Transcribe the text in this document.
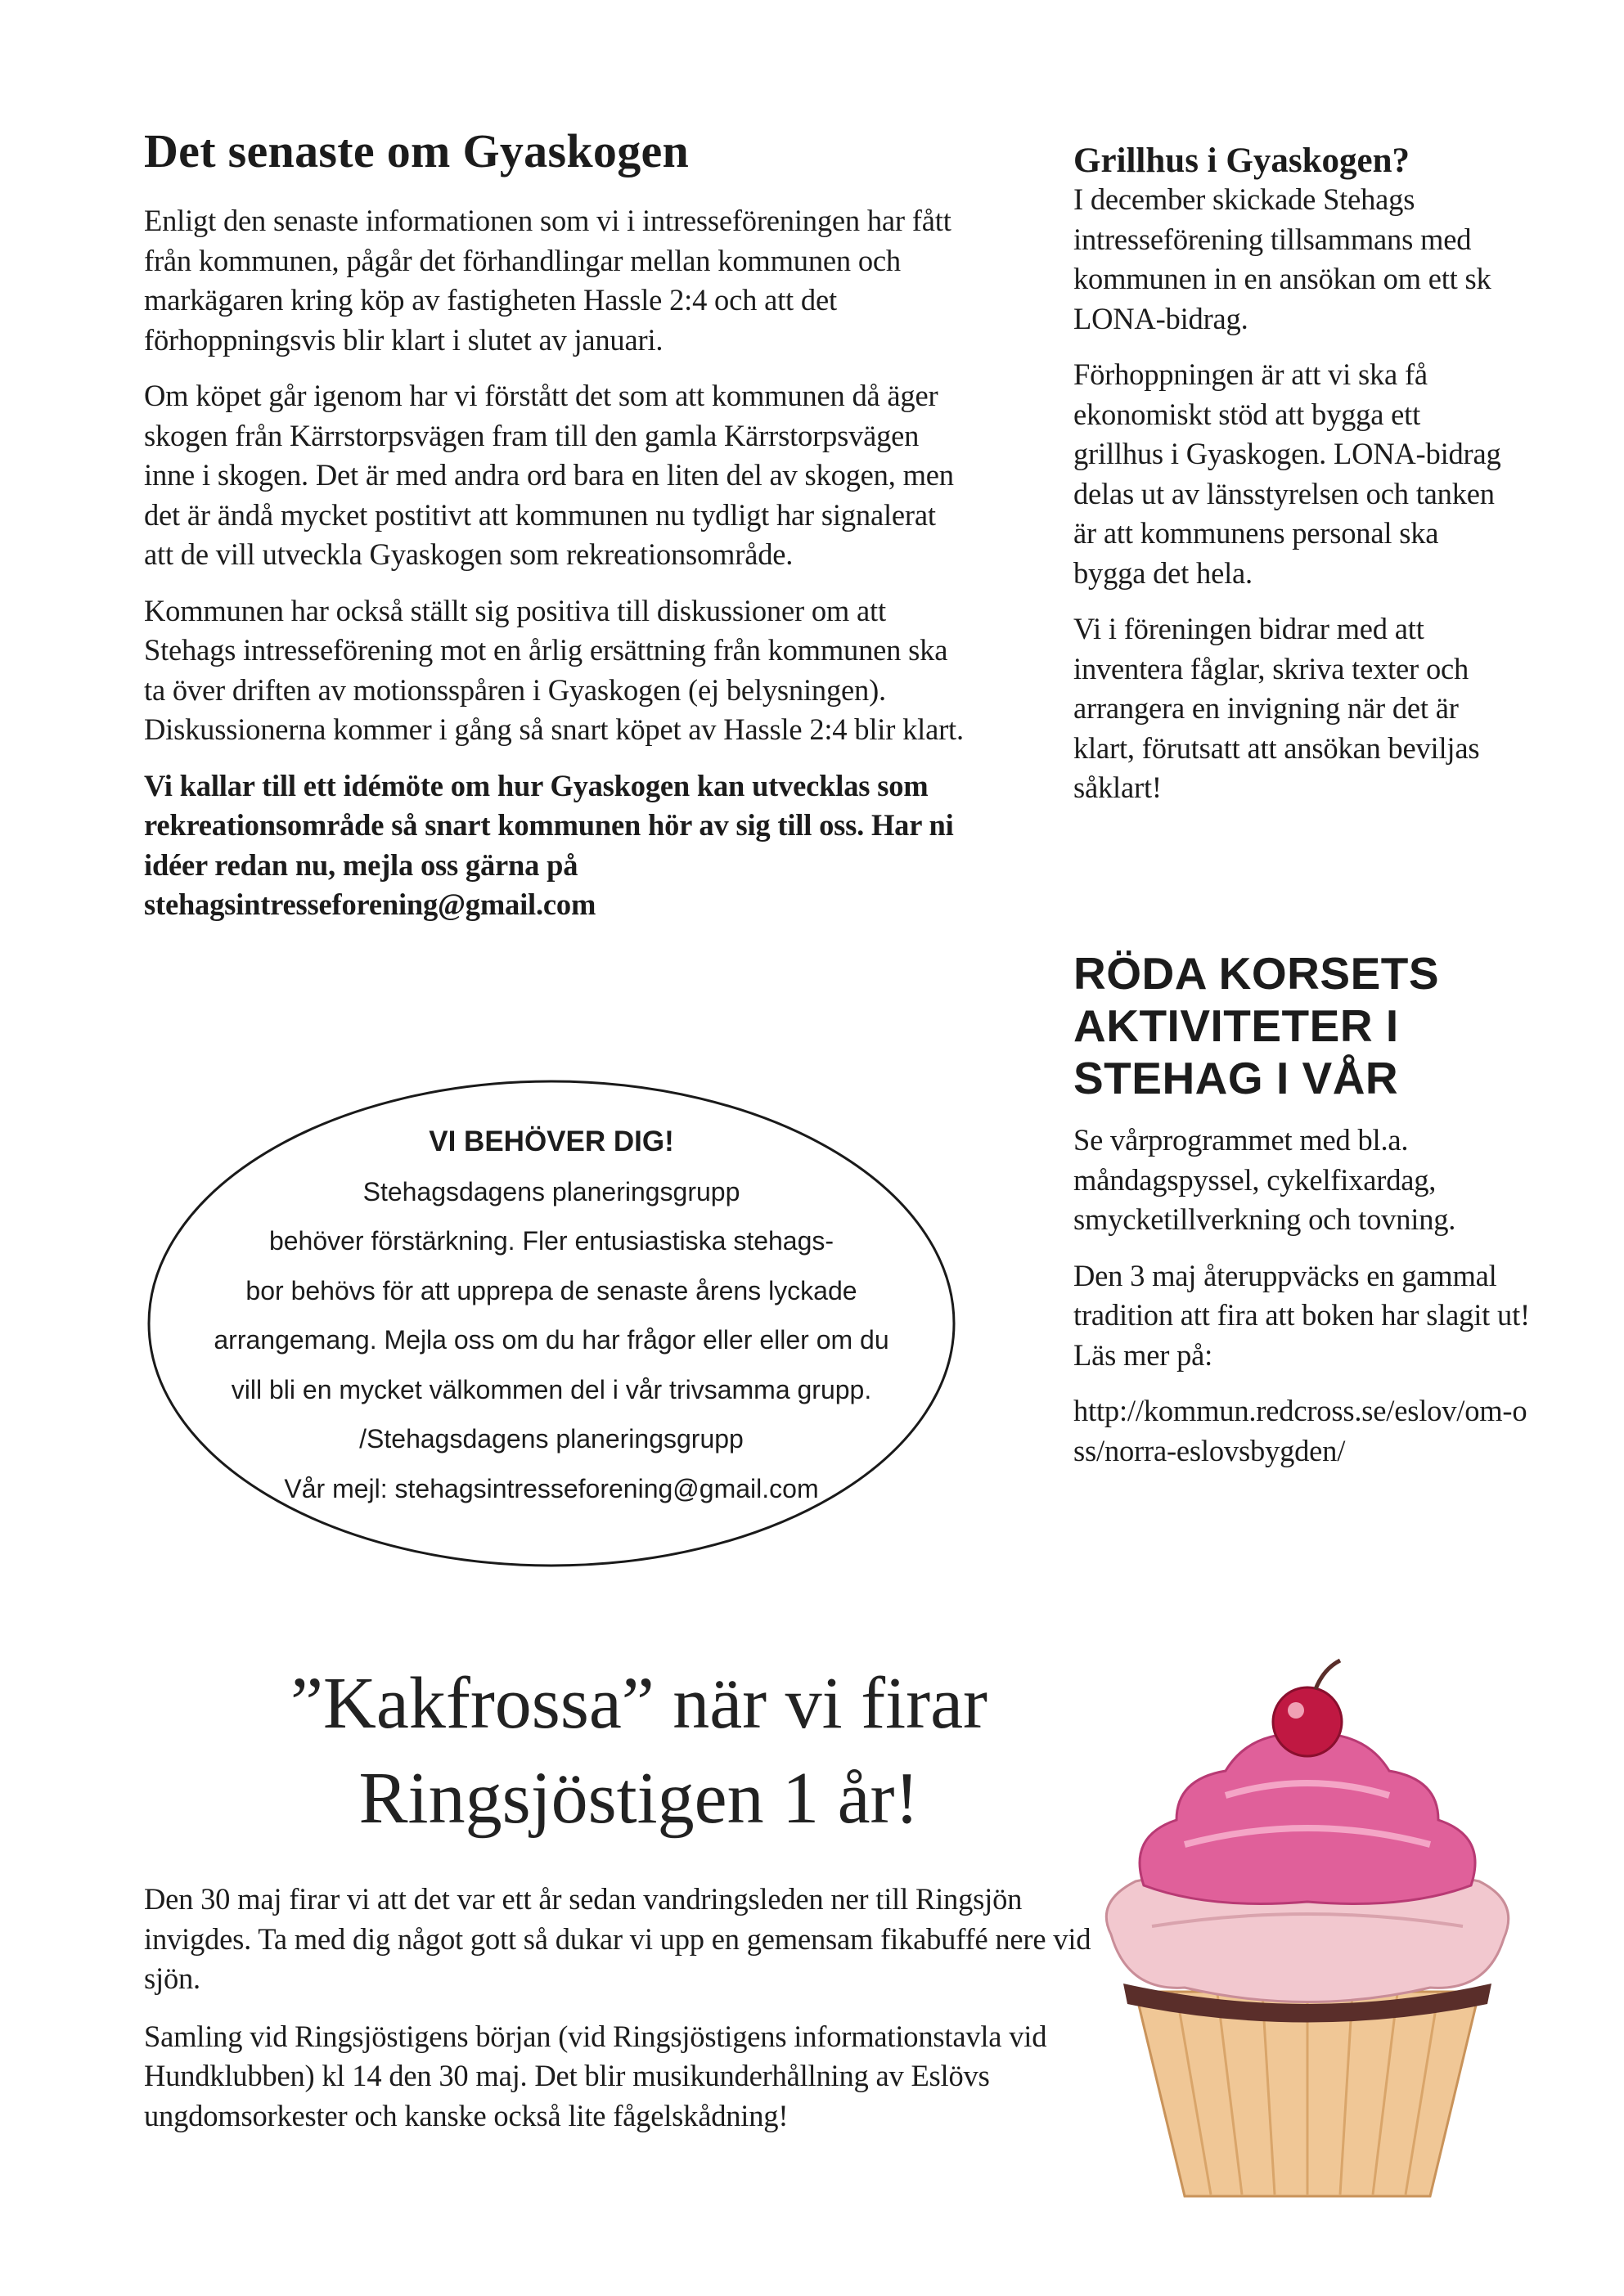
Det senaste om Gyaskogen

Enligt den senaste informationen som vi i intresseföreningen har fått från kommunen, pågår det förhandlingar mellan kommunen och markägaren kring köp av fastigheten Hassle 2:4 och att det förhoppningsvis blir klart i slutet av januari.

Om köpet går igenom har vi förstått det som att kommunen då äger skogen från Kärrstorpsvägen fram till den gamla Kärrstorpsvägen inne i skogen. Det är med andra ord bara en liten del av skogen, men det är ändå mycket postitivt att kommunen nu tydligt har signalerat att de vill utveckla Gyaskogen som rekreationsområde.

Kommunen har också ställt sig positiva till diskussioner om att Stehags intresseförening mot en årlig ersättning från kommunen ska ta över driften av motionsspåren i Gyaskogen (ej belysningen). Diskussionerna kommer i gång så snart köpet av Hassle 2:4 blir klart.

Vi kallar till ett idémöte om hur Gyaskogen kan utvecklas som rekreationsområde så snart kommunen hör av sig till oss. Har ni idéer redan nu, mejla oss gärna på stehagsintresseforening@gmail.com

Grillhus i Gyaskogen?

I december skickade Stehags intresseförening tillsammans med kommunen in en ansökan om ett sk LONA-bidrag.

Förhoppningen är att vi ska få ekonomiskt stöd att bygga ett grillhus i Gyaskogen. LONA-bidrag delas ut av länsstyrelsen och tanken är att kommunens personal ska bygga det hela.

Vi i föreningen bidrar med att inventera fåglar, skriva texter och arrangera en invigning när det är klart, förutsatt att ansökan beviljas såklart!

RÖDA KORSETS AKTIVITETER I STEHAG I VÅR

Se vårprogrammet med bl.a. måndagspyssel, cykelfixardag, smycketillverkning och tovning.

Den 3 maj återuppväcks en gammal tradition att fira att boken har slagit ut! Läs mer på:

http://kommun.redcross.se/eslov/om-oss/norra-eslovsbygden/

VI BEHÖVER DIG!
Stehagsdagens planeringsgrupp
behöver förstärkning. Fler entusiastiska stehags-
bor behövs för att upprepa de senaste årens lyckade
arrangemang. Mejla oss om du har frågor eller eller om du
vill bli en mycket välkommen del i vår trivsamma grupp.
/Stehagsdagens planeringsgrupp
Vår mejl: stehagsintresseforening@gmail.com
”Kakfrossa” när vi firar
Ringsjöstigen 1 år!

Den 30 maj firar vi att det var ett år sedan vandringsleden ner till Ringsjön invigdes. Ta med dig något gott så dukar vi upp en gemensam fikabuffé nere vid sjön.

Samling vid Ringsjöstigens början (vid Ringsjöstigens informationstavla vid Hundklubben) kl 14 den 30 maj. Det blir musikunderhållning av Eslövs ungdomsorkester och kanske också lite fågelskådning!
